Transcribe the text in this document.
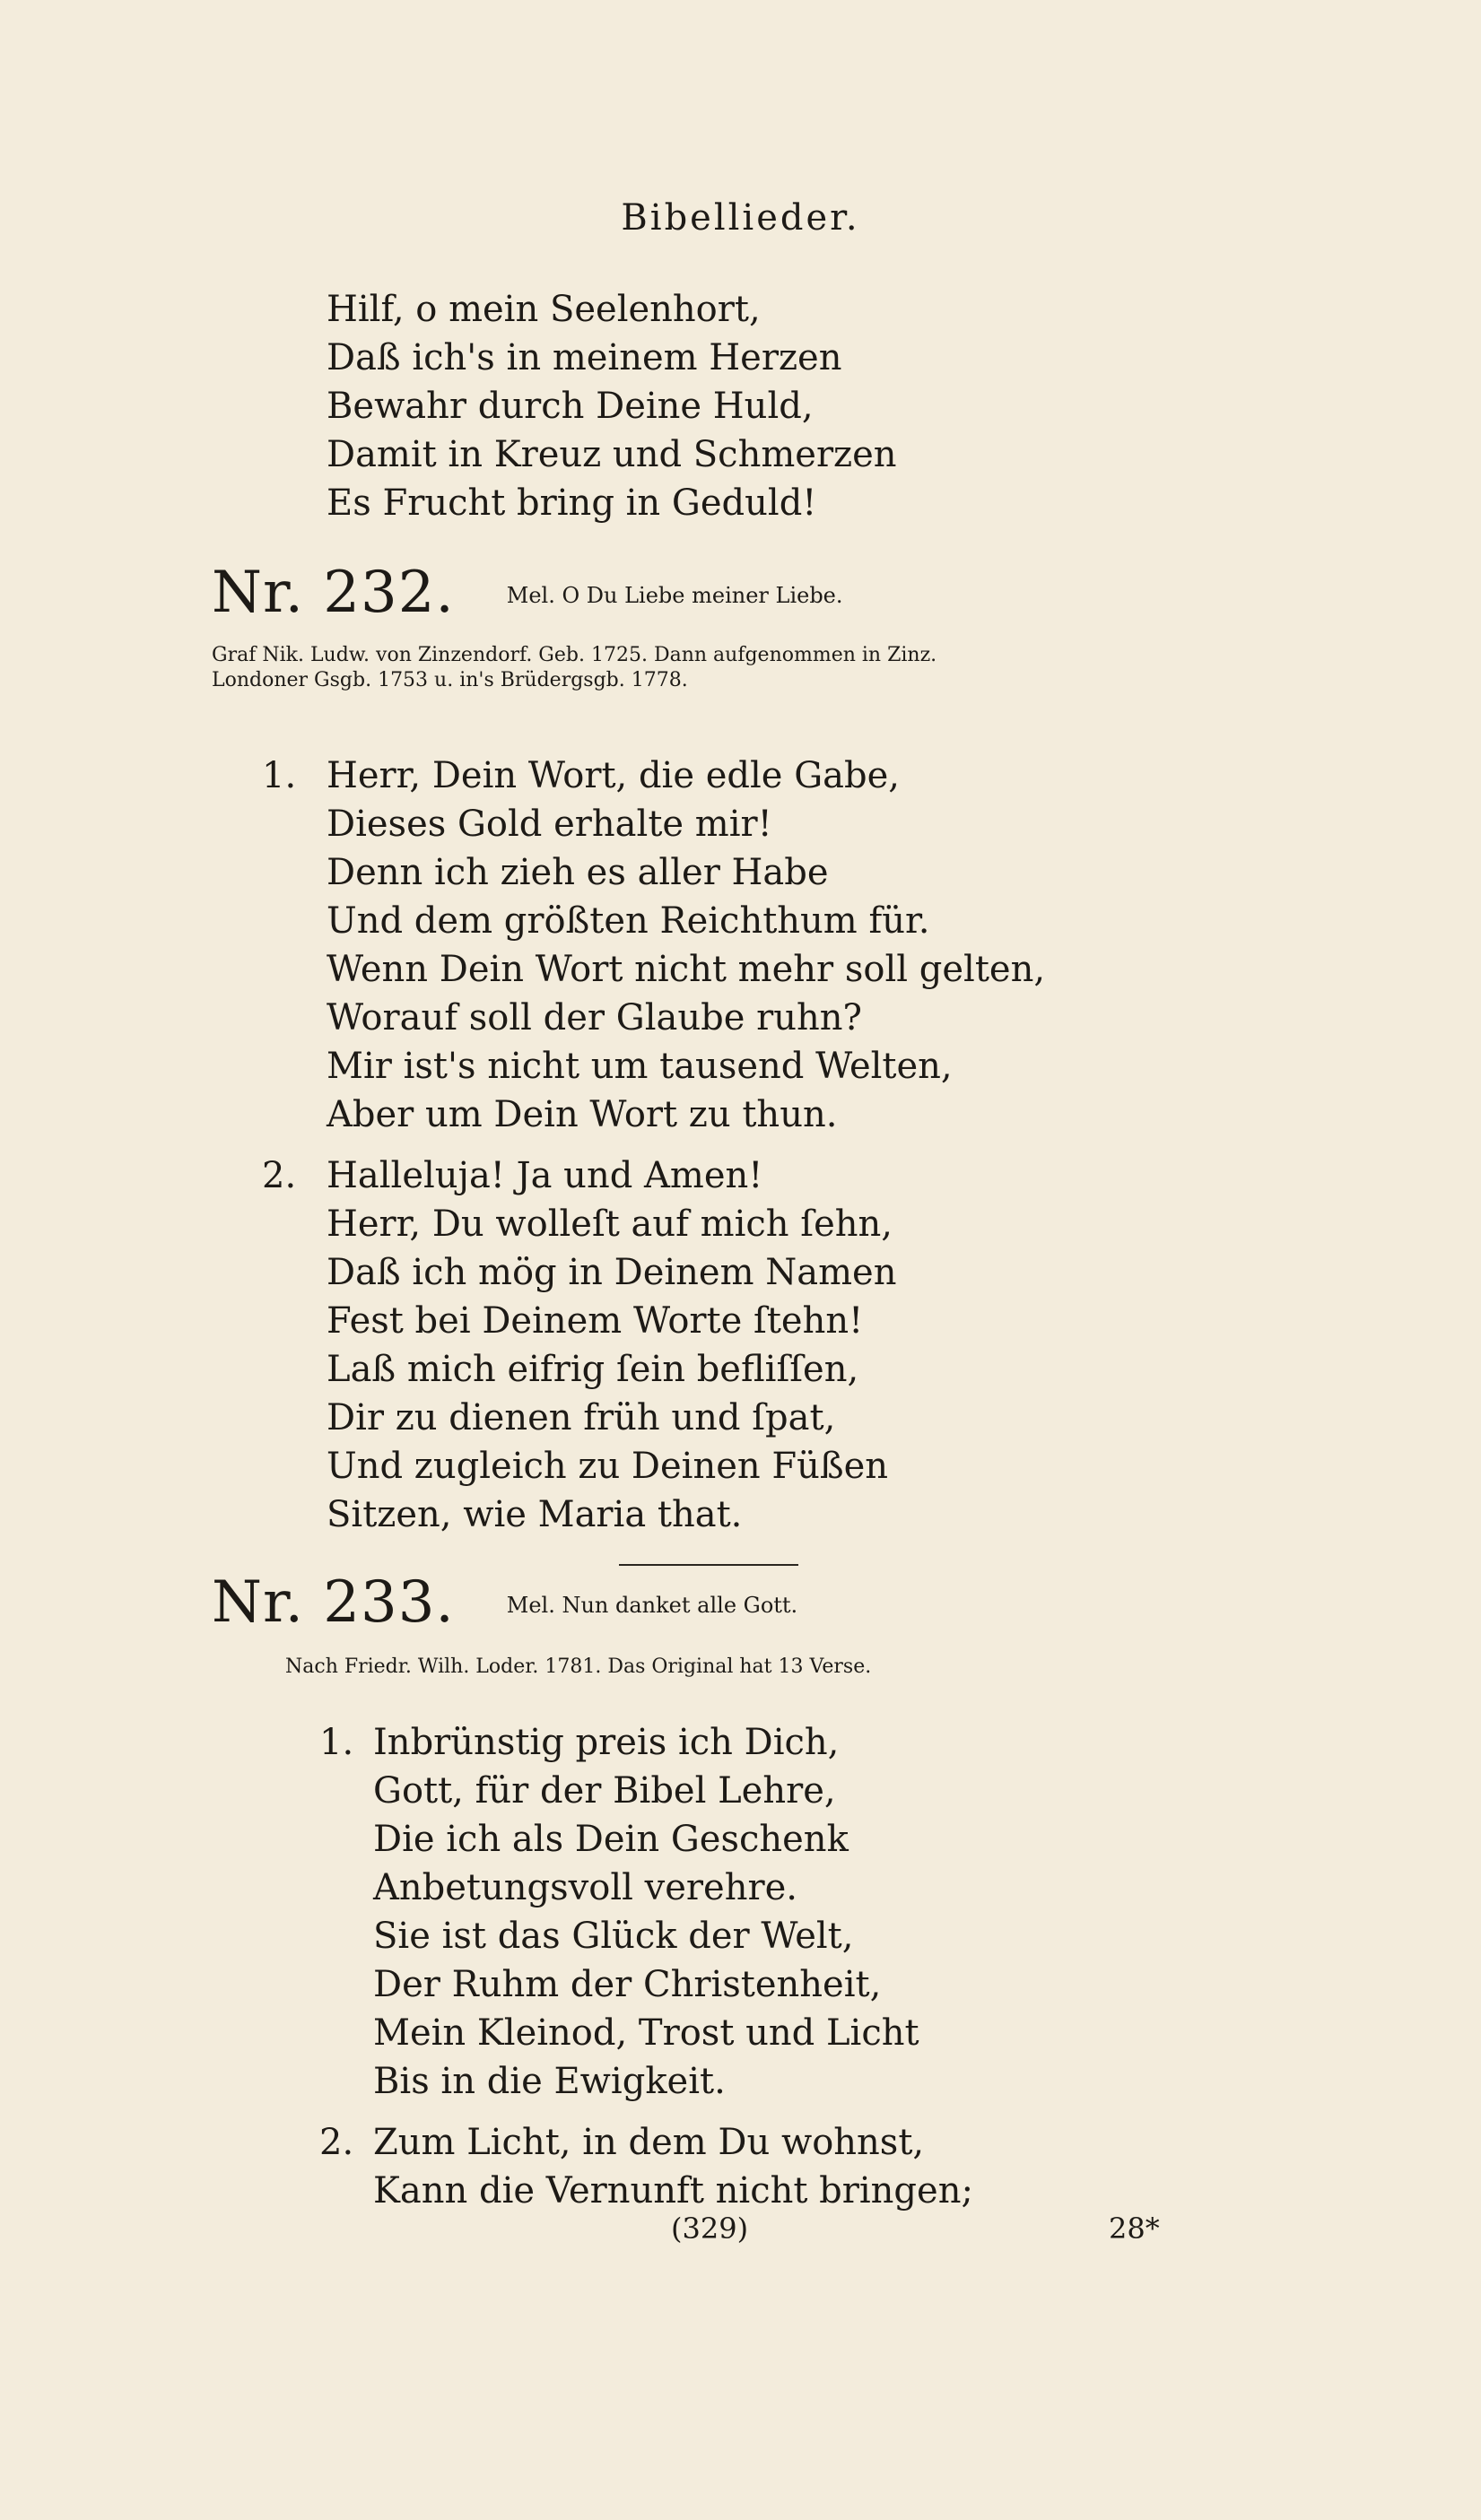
Bibellieder.
Hilf, o mein Seelenhort,
Daß ich's in meinem Herzen
Bewahr durch Deine Huld,
Damit in Kreuz und Schmerzen
Es Frucht bring in Geduld!
Nr. 232. Mel. O Du Liebe meiner Liebe.
Graf Nik. Ludw. von Zinzendorf. Geb. 1725. Dann aufgenommen in Zinz.
Londoner Gsgb. 1753 u. in's Brüdergsgb. 1778.
1. Herr, Dein Wort, die edle Gabe,
Dieses Gold erhalte mir!
Denn ich zieh es aller Habe
Und dem größten Reichthum für.
Wenn Dein Wort nicht mehr soll gelten,
Worauf soll der Glaube ruhn?
Mir ist's nicht um tausend Welten,
Aber um Dein Wort zu thun.
2. Halleluja! Ja und Amen!
Herr, Du wolleſt auf mich ſehn,
Daß ich mög in Deinem Namen
Fest bei Deinem Worte ſtehn!
Laß mich eifrig ſein befliſſen,
Dir zu dienen früh und ſpat,
Und zugleich zu Deinen Füßen
Sitzen, wie Maria that.
Nr. 233. Mel. Nun danket alle Gott.
Nach Friedr. Wilh. Loder. 1781. Das Original hat 13 Verse.
1. Inbrünstig preis ich Dich,
Gott, für der Bibel Lehre,
Die ich als Dein Geschenk
Anbetungsvoll verehre.
Sie ist das Glück der Welt,
Der Ruhm der Christenheit,
Mein Kleinod, Trost und Licht
Bis in die Ewigkeit.
2. Zum Licht, in dem Du wohnst,
Kann die Vernunft nicht bringen;
(329)	28*
